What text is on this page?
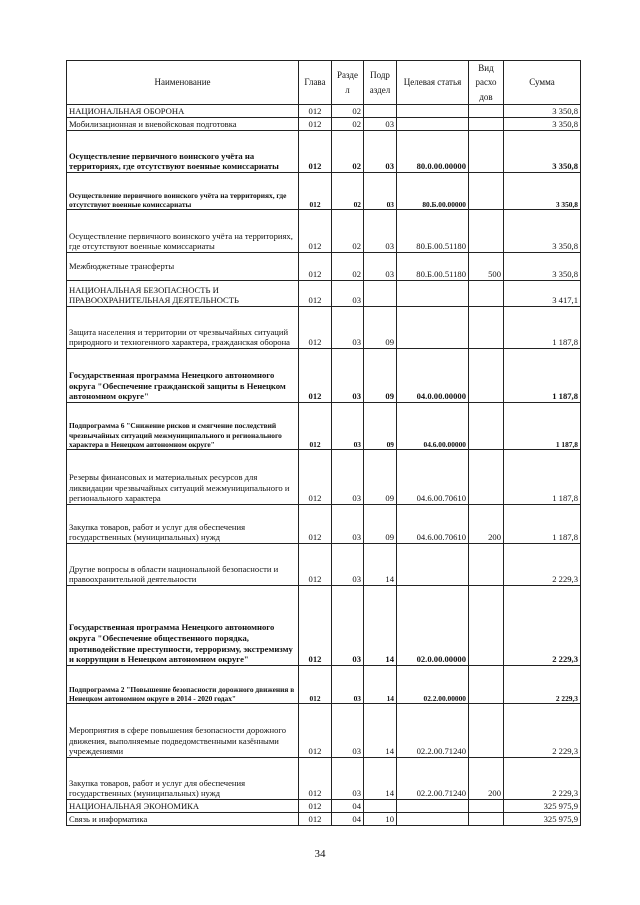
Наименование	Глава	Разде л	Подр аздел	Целевая статья	Вид расхо дов	Сумма
НАЦИОНАЛЬНАЯ ОБОРОНА	012	02				3 350,8
Мобилизационная и вневойсковая подготовка	012	02	03			3 350,8
Осуществление первичного воинского учёта на территориях, где отсутствуют военные комиссариаты	012	02	03	80.0.00.00000		3 350,8
Осуществление первичного воинского учёта на территориях, где отсутствуют военные комиссариаты	012	02	03	80.Б.00.00000		3 350,8
Осуществление первичного воинского учёта на территориях, где отсутствуют военные комиссариаты	012	02	03	80.Б.00.51180		3 350,8
Межбюджетные трансферты	012	02	03	80.Б.00.51180	500	3 350,8
НАЦИОНАЛЬНАЯ БЕЗОПАСНОСТЬ И ПРАВООХРАНИТЕЛЬНАЯ ДЕЯТЕЛЬНОСТЬ	012	03				3 417,1
Защита населения и территории от чрезвычайных ситуаций природного и техногенного характера, гражданская оборона	012	03	09			1 187,8
Государственная программа Ненецкого автономного округа "Обеспечение гражданской защиты в Ненецком автономном округе"	012	03	09	04.0.00.00000		1 187,8
Подпрограмма 6 "Снижение рисков и смягчение последствий чрезвычайных ситуаций межмуниципального и регионального характера в Ненецком автономном округе"	012	03	09	04.6.00.00000		1 187,8
Резервы финансовых и материальных ресурсов для ликвидации чрезвычайных ситуаций межмуниципального и регионального характера	012	03	09	04.6.00.70610		1 187,8
Закупка товаров, работ и услуг для обеспечения государственных (муниципальных) нужд	012	03	09	04.6.00.70610	200	1 187,8
Другие вопросы в области национальной безопасности и правоохранительной деятельности	012	03	14			2 229,3
Государственная программа Ненецкого автономного округа "Обеспечение общественного порядка, противодействие преступности, терроризму, экстремизму и коррупции в Ненецком автономном округе"	012	03	14	02.0.00.00000		2 229,3
Подпрограмма 2 "Повышение безопасности дорожного движения в Ненецком автономном округе в 2014 - 2020 годах"	012	03	14	02.2.00.00000		2 229,3
Мероприятия в сфере повышения безопасности дорожного движения, выполняемые подведомственными казёнными учреждениями	012	03	14	02.2.00.71240		2 229,3
Закупка товаров, работ и услуг для обеспечения государственных (муниципальных) нужд	012	03	14	02.2.00.71240	200	2 229,3
НАЦИОНАЛЬНАЯ ЭКОНОМИКА	012	04				325 975,9
Связь и информатика	012	04	10			325 975,9
34
